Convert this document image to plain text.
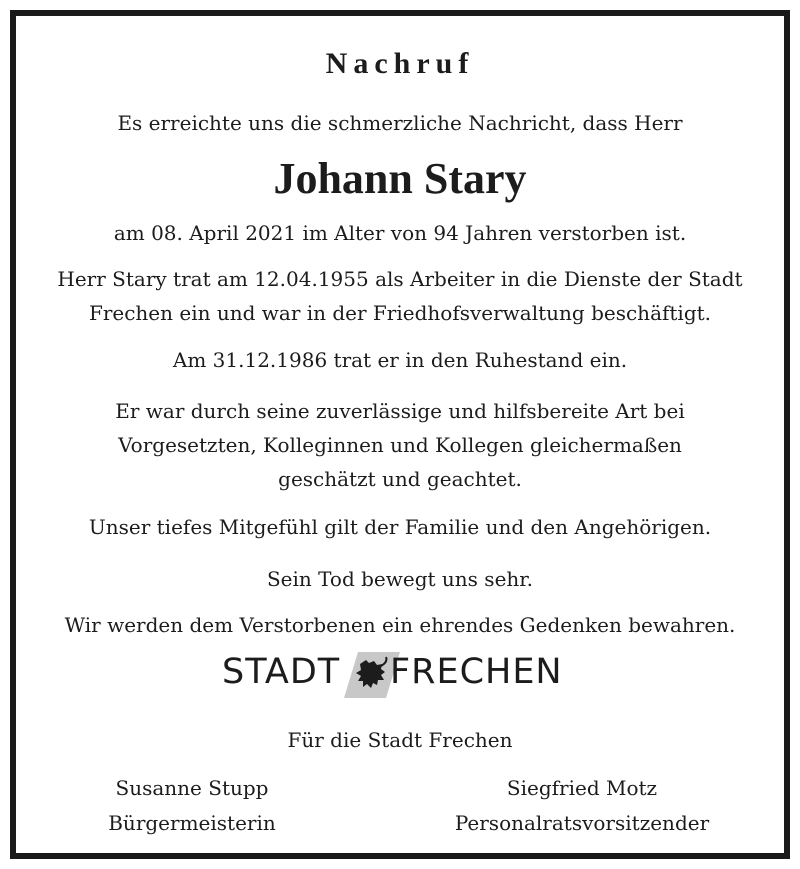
Nachruf
Es erreichte uns die schmerzliche Nachricht, dass Herr
Johann Stary
am 08. April 2021 im Alter von 94 Jahren verstorben ist.
Herr Stary trat am 12.04.1955 als Arbeiter in die Dienste der Stadt
Frechen ein und war in der Friedhofsverwaltung beschäftigt.
Am 31.12.1986 trat er in den Ruhestand ein.
Er war durch seine zuverlässige und hilfsbereite Art bei
Vorgesetzten, Kolleginnen und Kollegen gleichermaßen
geschätzt und geachtet.
Unser tiefes Mitgefühl gilt der Familie und den Angehörigen.
Sein Tod bewegt uns sehr.
Wir werden dem Verstorbenen ein ehrendes Gedenken bewahren.
STADT FRECHEN
Für die Stadt Frechen
Susanne Stupp
Bürgermeisterin
Siegfried Motz
Personalratsvorsitzender
